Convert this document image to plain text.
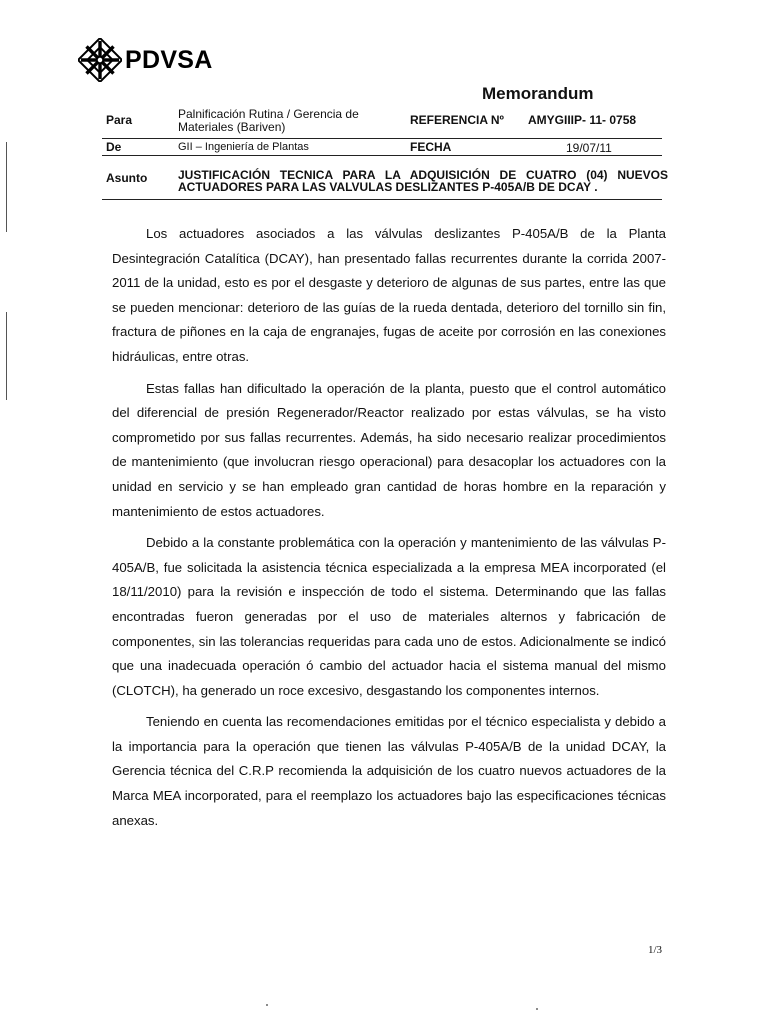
PDVSA
Memorandum
Para	Palnificación Rutina / Gerencia de Materiales (Bariven)	REFERENCIA Nº AMYGIIIP- 11- 0758
De	GII – Ingeniería de Plantas	FECHA	19/07/11
Asunto	JUSTIFICACIÓN TECNICA PARA LA ADQUISICIÓN DE CUATRO (04) NUEVOS ACTUADORES PARA LAS VALVULAS DESLIZANTES P-405A/B DE DCAY .

Los actuadores asociados a las válvulas deslizantes P-405A/B de la Planta Desintegración Catalítica (DCAY), han presentado fallas recurrentes durante la corrida 2007-2011 de la unidad, esto es por el desgaste y deterioro de algunas de sus partes, entre las que se pueden mencionar: deterioro de las guías de la rueda dentada, deterioro del tornillo sin fin, fractura de piñones en la caja de engranajes, fugas de aceite por corrosión en las conexiones hidráulicas, entre otras.

Estas fallas han dificultado la operación de la planta, puesto que el control automático del diferencial de presión Regenerador/Reactor realizado por estas válvulas, se ha visto comprometido por sus fallas recurrentes. Además, ha sido necesario realizar procedimientos de mantenimiento (que involucran riesgo operacional) para desacoplar los actuadores con la unidad en servicio y se han empleado gran cantidad de horas hombre en la reparación y mantenimiento de estos actuadores.

Debido a la constante problemática con la operación y mantenimiento de las válvulas P-405A/B, fue solicitada la asistencia técnica especializada a la empresa MEA incorporated (el 18/11/2010) para la revisión e inspección de todo el sistema. Determinando que las fallas encontradas fueron generadas por el uso de materiales alternos y fabricación de componentes, sin las tolerancias requeridas para cada uno de estos. Adicionalmente se indicó que una inadecuada operación ó cambio del actuador hacia el sistema manual del mismo (CLOTCH), ha generado un roce excesivo, desgastando los componentes internos.

Teniendo en cuenta las recomendaciones emitidas por el técnico especialista y debido a la importancia para la operación que tienen las válvulas P-405A/B de la unidad DCAY, la Gerencia técnica del C.R.P recomienda la adquisición de los cuatro nuevos actuadores de la Marca MEA incorporated, para el reemplazo los actuadores bajo las especificaciones técnicas anexas.

1/3
